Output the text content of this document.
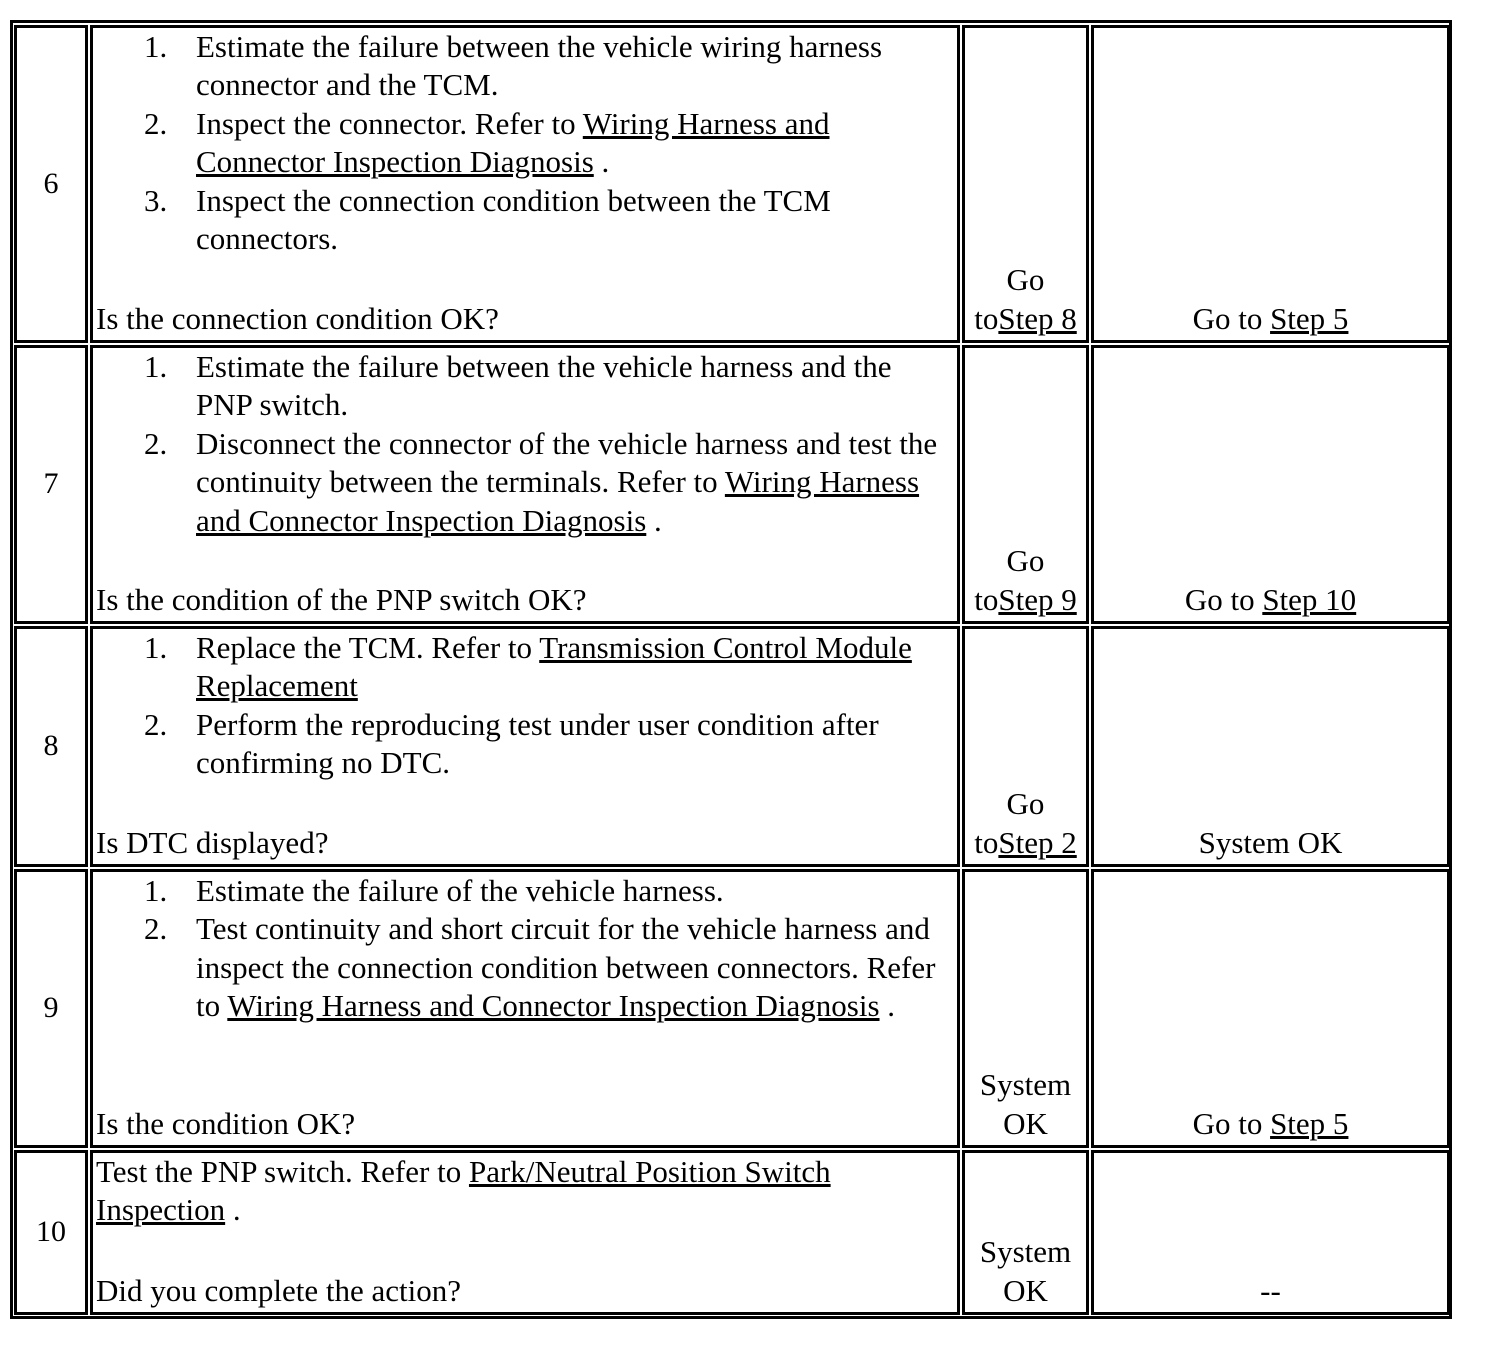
6
1. Estimate the failure between the vehicle wiring harness connector and the TCM.
2. Inspect the connector. Refer to Wiring Harness and Connector Inspection Diagnosis .
3. Inspect the connection condition between the TCM connectors.
Is the connection condition OK?
Go toStep 8	Go to Step 5
7
1. Estimate the failure between the vehicle harness and the PNP switch.
2. Disconnect the connector of the vehicle harness and test the continuity between the terminals. Refer to Wiring Harness and Connector Inspection Diagnosis .
Is the condition of the PNP switch OK?
Go toStep 9	Go to Step 10
8
1. Replace the TCM. Refer to Transmission Control Module Replacement
2. Perform the reproducing test under user condition after confirming no DTC.
Is DTC displayed?
Go toStep 2	System OK
9
1. Estimate the failure of the vehicle harness.
2. Test continuity and short circuit for the vehicle harness and inspect the connection condition between connectors. Refer to Wiring Harness and Connector Inspection Diagnosis .
Is the condition OK?
System OK	Go to Step 5
10
Test the PNP switch. Refer to Park/Neutral Position Switch Inspection .
Did you complete the action?
System OK	--
